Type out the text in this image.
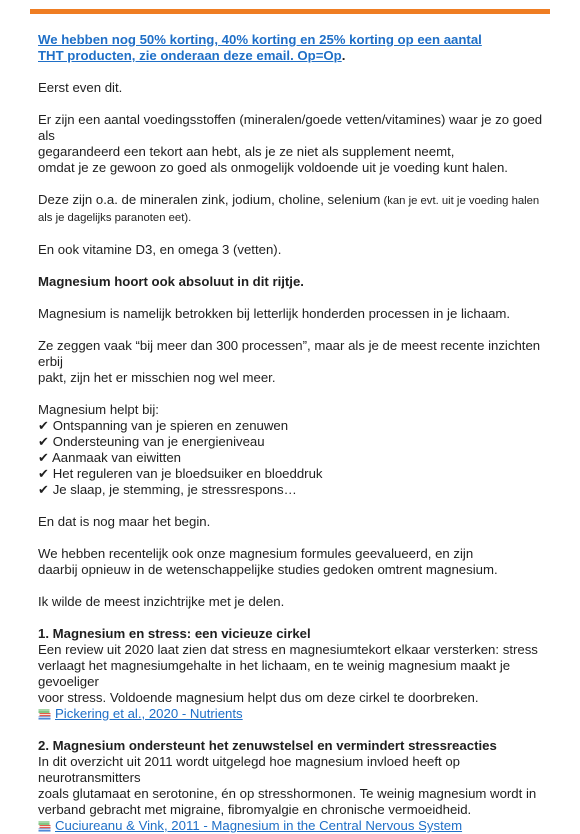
We hebben nog 50% korting, 40% korting en 25% korting op een aantal
THT producten, zie onderaan deze email. Op=Op.

Eerst even dit.

Er zijn een aantal voedingsstoffen (mineralen/goede vetten/vitamines) waar je zo goed als
gegarandeerd een tekort aan hebt, als je ze niet als supplement neemt,
omdat je ze gewoon zo goed als onmogelijk voldoende uit je voeding kunt halen.

Deze zijn o.a. de mineralen zink, jodium, choline, selenium (kan je evt. uit je voeding halen
als je dagelijks paranoten eet).

En ook vitamine D3, en omega 3 (vetten).

Magnesium hoort ook absoluut in dit rijtje.

Magnesium is namelijk betrokken bij letterlijk honderden processen in je lichaam.

Ze zeggen vaak “bij meer dan 300 processen”, maar als je de meest recente inzichten erbij
pakt, zijn het er misschien nog wel meer.

Magnesium helpt bij:
✔ Ontspanning van je spieren en zenuwen
✔ Ondersteuning van je energieniveau
✔ Aanmaak van eiwitten
✔ Het reguleren van je bloedsuiker en bloeddruk
✔ Je slaap, je stemming, je stressrespons…

En dat is nog maar het begin.

We hebben recentelijk ook onze magnesium formules geevalueerd, en zijn
daarbij opnieuw in de wetenschappelijke studies gedoken omtrent magnesium.

Ik wilde de meest inzichtrijke met je delen.

1. Magnesium en stress: een vicieuze cirkel

Een review uit 2020 laat zien dat stress en magnesiumtekort elkaar versterken: stress
verlaagt het magnesiumgehalte in het lichaam, en te weinig magnesium maakt je gevoeliger
voor stress. Voldoende magnesium helpt dus om deze cirkel te doorbreken.

Pickering et al., 2020 - Nutrients

2. Magnesium ondersteunt het zenuwstelsel en vermindert stressreacties

In dit overzicht uit 2011 wordt uitgelegd hoe magnesium invloed heeft op neurotransmitters
zoals glutamaat en serotonine, én op stresshormonen. Te weinig magnesium wordt in
verband gebracht met migraine, fibromyalgie en chronische vermoeidheid.

Cuciureanu & Vink, 2011 - Magnesium in the Central Nervous System
